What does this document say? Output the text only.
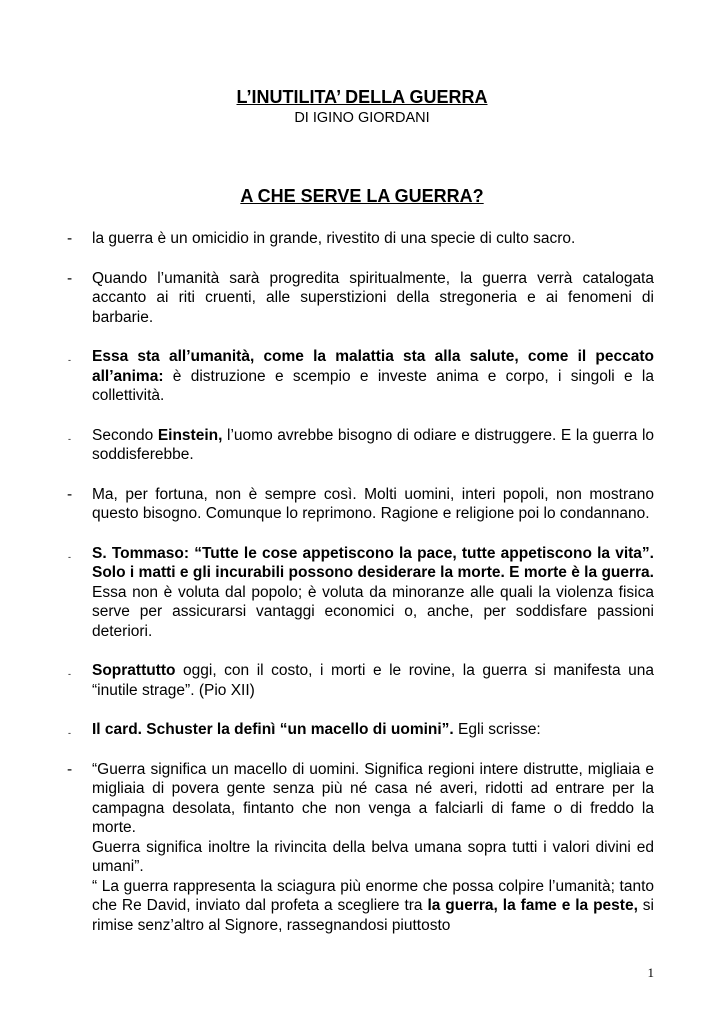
L’INUTILITA’ DELLA GUERRA
DI IGINO GIORDANI
A CHE SERVE LA GUERRA?
- la guerra è un omicidio in grande, rivestito di una specie di culto sacro.

- Quando l’umanità sarà progredita spiritualmente, la guerra verrà catalogata accanto ai riti cruenti, alle superstizioni della stregoneria e ai fenomeni di barbarie.

- Essa sta all’umanità, come la malattia sta alla salute, come il peccato all’anima: è distruzione e scempio e investe anima e corpo, i singoli e la collettività.

- Secondo Einstein, l’uomo avrebbe bisogno di odiare e distruggere. E la guerra lo soddisferebbe.

- Ma, per fortuna, non è sempre così. Molti uomini, interi popoli, non mostrano questo bisogno. Comunque lo reprimono. Ragione e religione poi lo condannano.

- S. Tommaso: “Tutte le cose appetiscono la pace, tutte appetiscono la vita”. Solo i matti e gli incurabili possono desiderare la morte. E morte è la guerra. Essa non è voluta dal popolo; è voluta da minoranze alle quali la violenza fisica serve per assicurarsi vantaggi economici o, anche, per soddisfare passioni deteriori.

- Soprattutto oggi, con il costo, i morti e le rovine, la guerra si manifesta una “inutile strage”. (Pio XII)

- Il card. Schuster la definì “un macello di uomini”. Egli scrisse:

- “Guerra significa un macello di uomini. Significa regioni intere distrutte, migliaia e migliaia di povera gente senza più né casa né averi, ridotti ad entrare per la campagna desolata, fintanto che non venga a falciarli di fame o di freddo la morte.

Guerra significa inoltre la rivincita della belva umana sopra tutti i valori divini ed umani”.

“ La guerra rappresenta la sciagura più enorme che possa colpire l’umanità; tanto che Re David, inviato dal profeta a scegliere tra la guerra, la fame e la peste, si rimise senz’altro al Signore, rassegnandosi piuttosto

1
